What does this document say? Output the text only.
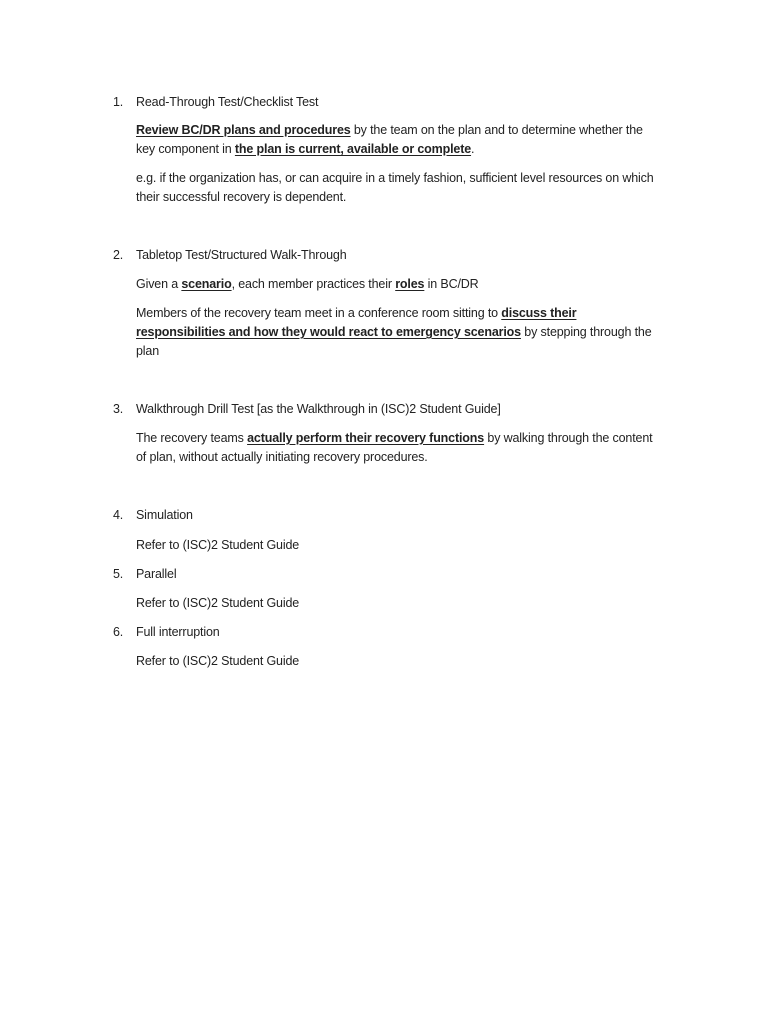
1. Read-Through Test/Checklist Test
Review BC/DR plans and procedures by the team on the plan and to determine whether the
key component in the plan is current, available or complete.
e.g. if the organization has, or can acquire in a timely fashion, sufficient level resources on which
their successful recovery is dependent.
2. Tabletop Test/Structured Walk-Through
Given a scenario, each member practices their roles in BC/DR
Members of the recovery team meet in a conference room sitting to discuss their
responsibilities and how they would react to emergency scenarios by stepping through the
plan
3. Walkthrough Drill Test [as the Walkthrough in (ISC)2 Student Guide]
The recovery teams actually perform their recovery functions by walking through the content
of plan, without actually initiating recovery procedures.
4. Simulation
Refer to (ISC)2 Student Guide
5. Parallel
Refer to (ISC)2 Student Guide
6. Full interruption
Refer to (ISC)2 Student Guide
